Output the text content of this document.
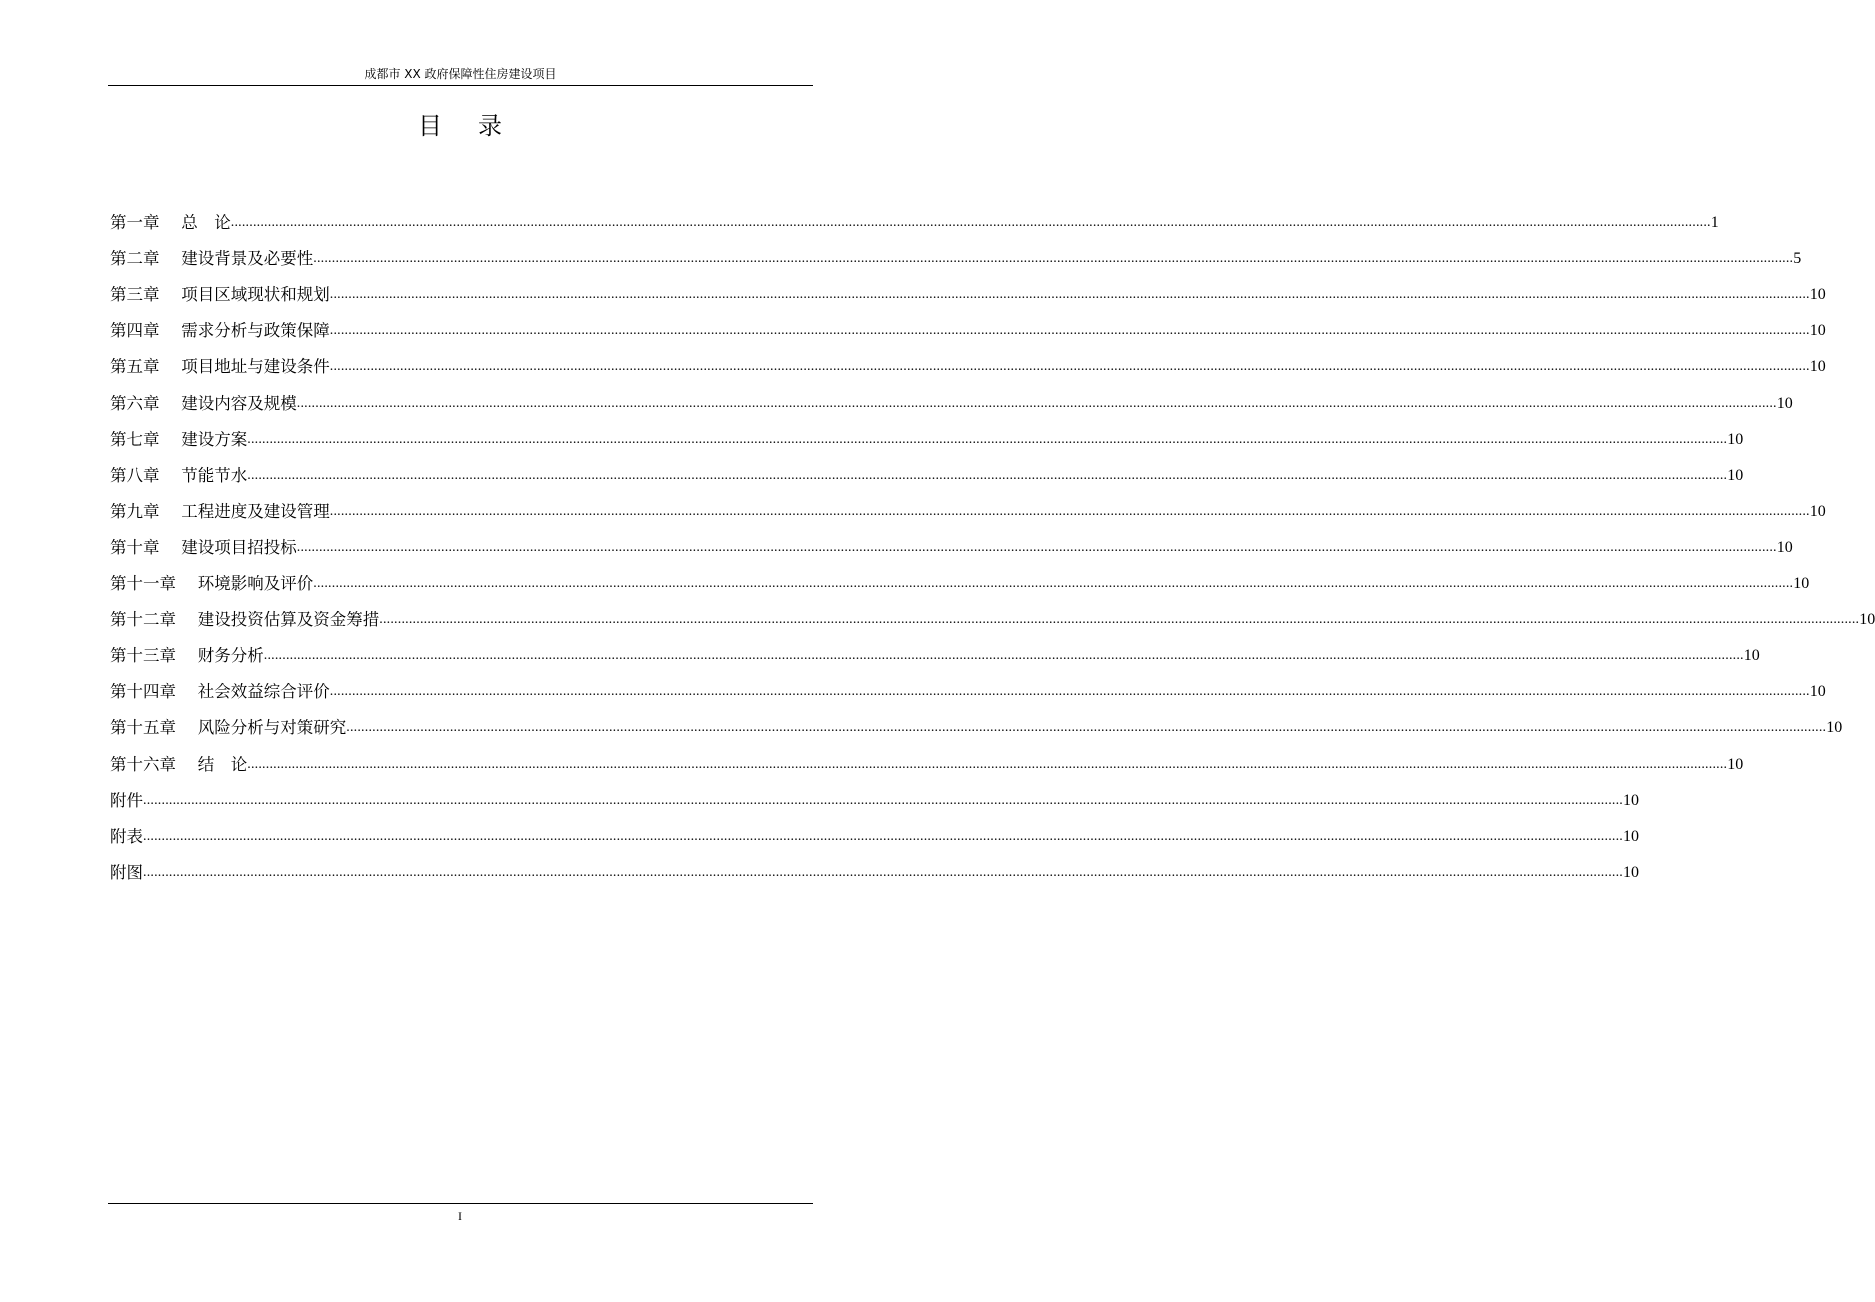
成都市 XX 政府保障性住房建设项目
目录
第一章　 总　论 ................................................................................................................................................................................................................................................................................................................................................................................................................ 1
第二章　 建设背景及必要性 ................................................................................................................................................................................................................................................................................................................................................................................................................ 5
第三章　 项目区域现状和规划 ................................................................................................................................................................................................................................................................................................................................................................................................................ 10
第四章　 需求分析与政策保障 ................................................................................................................................................................................................................................................................................................................................................................................................................ 10
第五章　 项目地址与建设条件 ................................................................................................................................................................................................................................................................................................................................................................................................................ 10
第六章　 建设内容及规模 ................................................................................................................................................................................................................................................................................................................................................................................................................ 10
第七章　 建设方案 ................................................................................................................................................................................................................................................................................................................................................................................................................ 10
第八章　 节能节水 ................................................................................................................................................................................................................................................................................................................................................................................................................ 10
第九章　 工程进度及建设管理 ................................................................................................................................................................................................................................................................................................................................................................................................................ 10
第十章　 建设项目招投标 ................................................................................................................................................................................................................................................................................................................................................................................................................ 10
第十一章　 环境影响及评价 ................................................................................................................................................................................................................................................................................................................................................................................................................ 10
第十二章　 建设投资估算及资金筹措 ................................................................................................................................................................................................................................................................................................................................................................................................................ 10
第十三章　 财务分析 ................................................................................................................................................................................................................................................................................................................................................................................................................ 10
第十四章　 社会效益综合评价 ................................................................................................................................................................................................................................................................................................................................................................................................................ 10
第十五章　 风险分析与对策研究 ................................................................................................................................................................................................................................................................................................................................................................................................................ 10
第十六章　 结　论 ................................................................................................................................................................................................................................................................................................................................................................................................................ 10
附件 ................................................................................................................................................................................................................................................................................................................................................................................................................ 10
附表 ................................................................................................................................................................................................................................................................................................................................................................................................................ 10
附图 ................................................................................................................................................................................................................................................................................................................................................................................................................ 10
I
